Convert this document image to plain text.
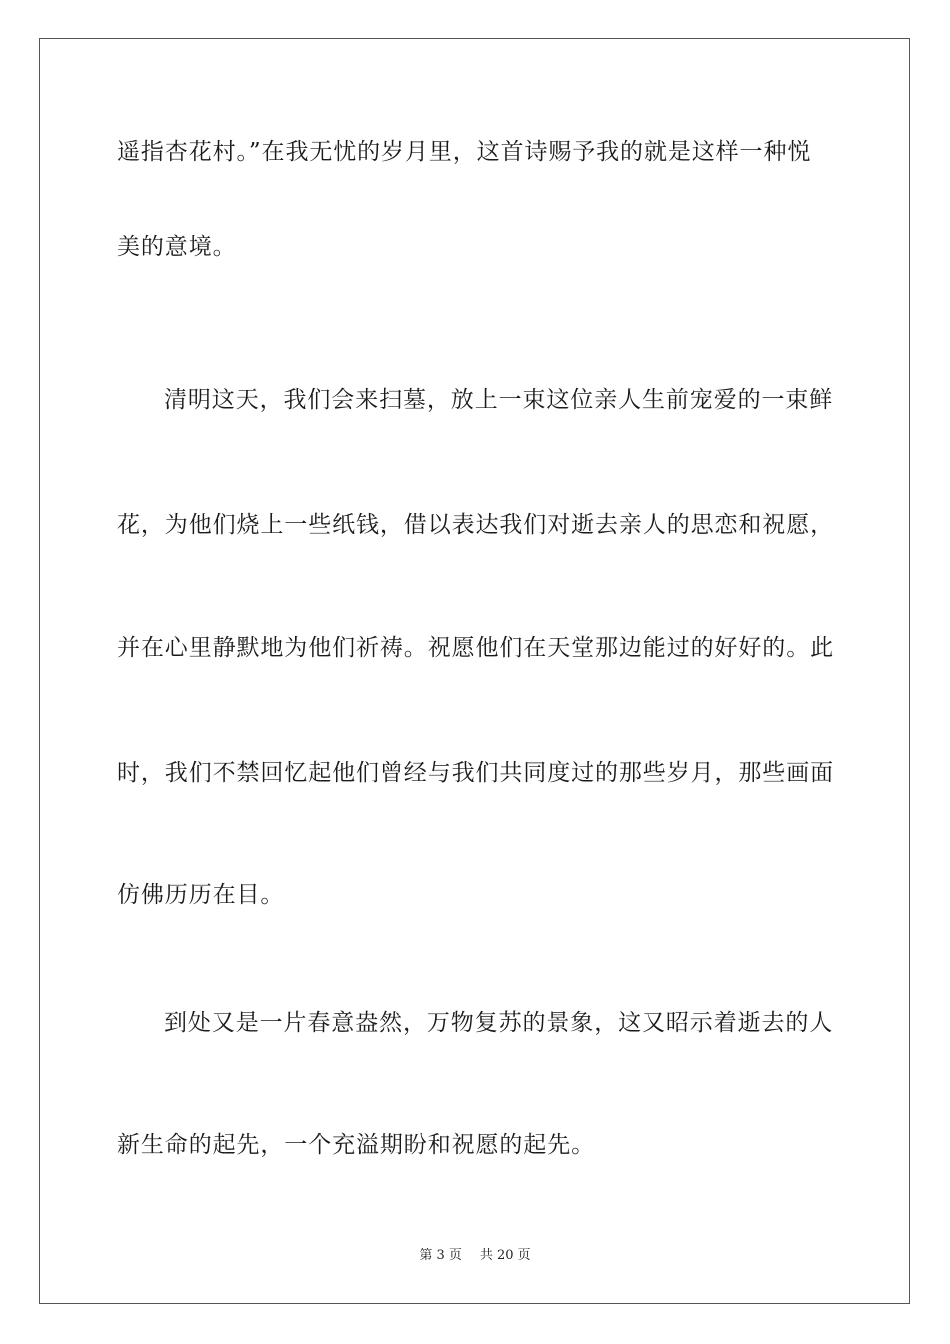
遥指杏花村。”在我无忧的岁月里，这首诗赐予我的就是这样一种悦
美的意境。
清明这天，我们会来扫墓，放上一束这位亲人生前宠爱的一束鲜
花，为他们烧上一些纸钱，借以表达我们对逝去亲人的思恋和祝愿，
并在心里静默地为他们祈祷。祝愿他们在天堂那边能过的好好的。此
时，我们不禁回忆起他们曾经与我们共同度过的那些岁月，那些画面
仿佛历历在目。
到处又是一片春意盎然，万物复苏的景象，这又昭示着逝去的人
新生命的起先，一个充溢期盼和祝愿的起先。
第 3 页 共 20 页
